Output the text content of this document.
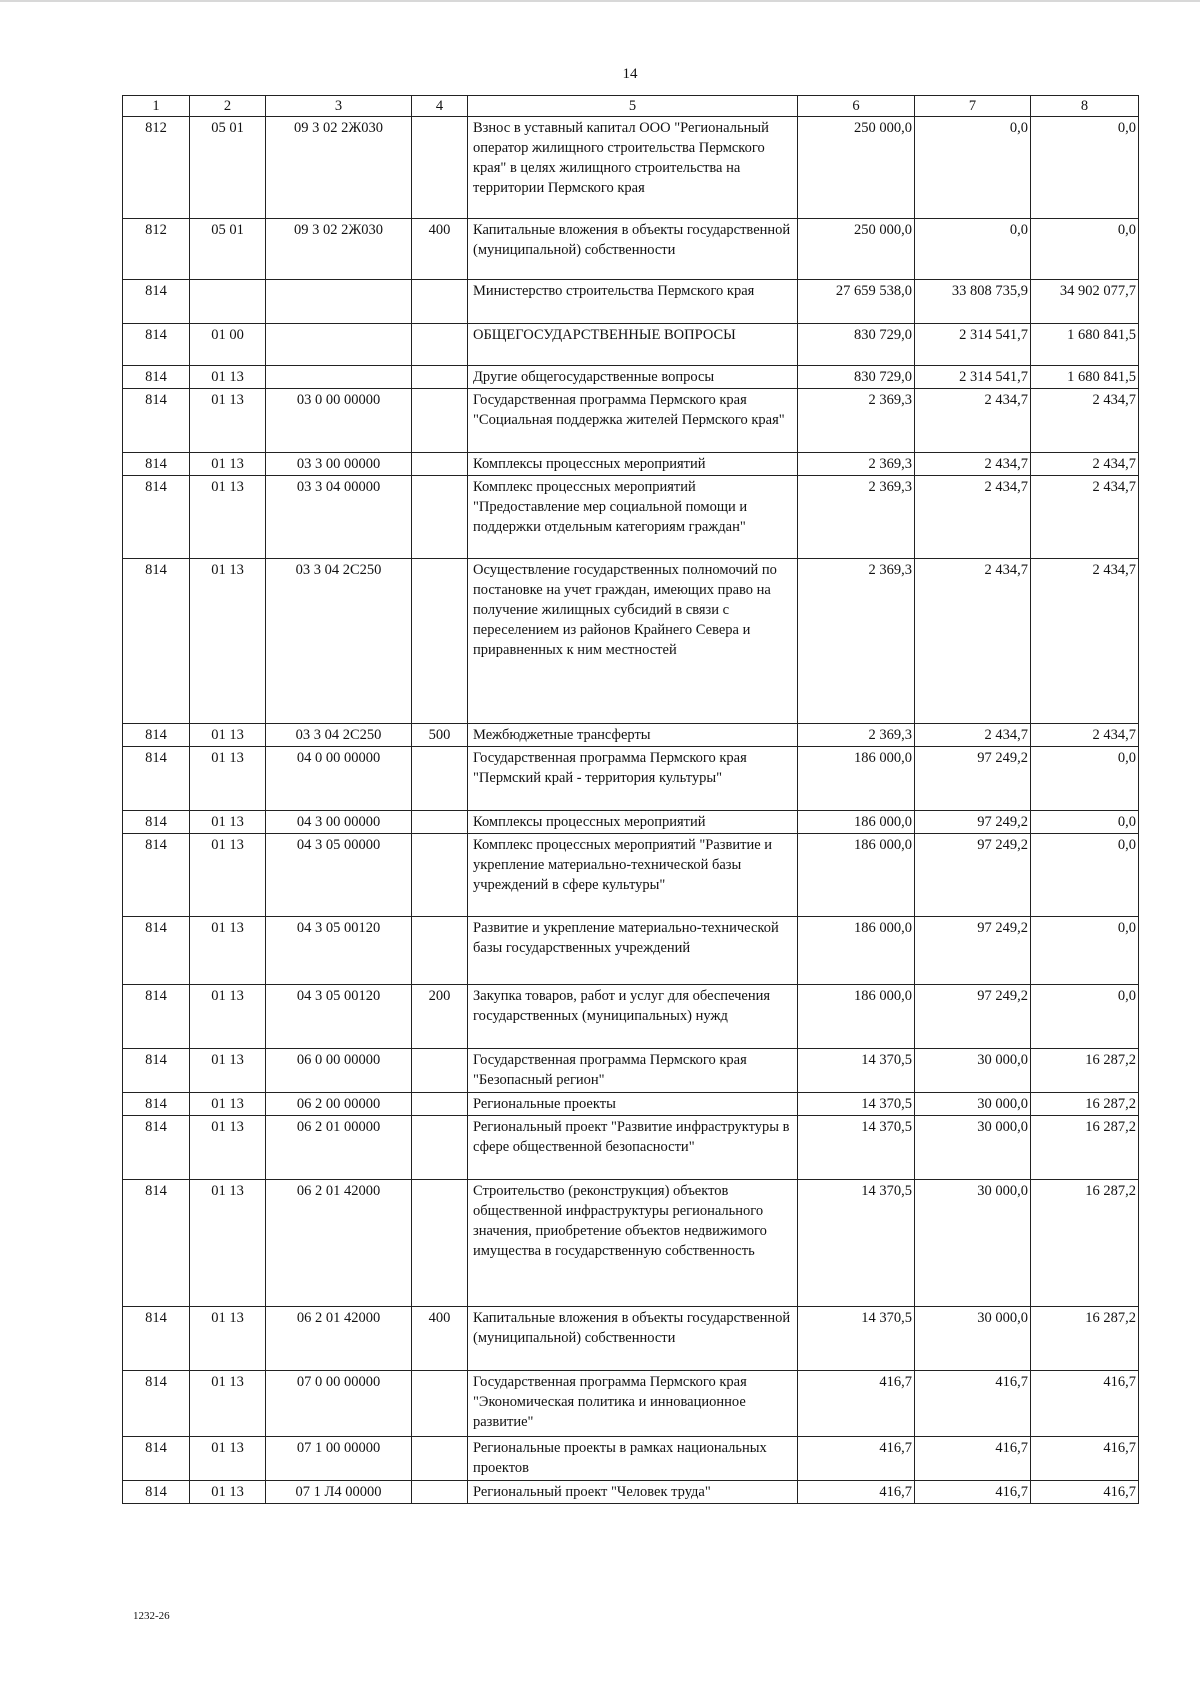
14
1	2	3	4	5	6	7	8
812	05 01	09 3 02 2Ж030		Взнос в уставный капитал ООО "Региональный оператор жилищного строительства Пермского края" в целях жилищного строительства на территории Пермского края	250 000,0	0,0	0,0
812	05 01	09 3 02 2Ж030	400	Капитальные вложения в объекты государственной (муниципальной) собственности	250 000,0	0,0	0,0
814				Министерство строительства Пермского края	27 659 538,0	33 808 735,9	34 902 077,7
814	01 00			ОБЩЕГОСУДАРСТВЕННЫЕ ВОПРОСЫ	830 729,0	2 314 541,7	1 680 841,5
814	01 13			Другие общегосударственные вопросы	830 729,0	2 314 541,7	1 680 841,5
814	01 13	03 0 00 00000		Государственная программа Пермского края "Социальная поддержка жителей Пермского края"	2 369,3	2 434,7	2 434,7
814	01 13	03 3 00 00000		Комплексы процессных мероприятий	2 369,3	2 434,7	2 434,7
814	01 13	03 3 04 00000		Комплекс процессных мероприятий "Предоставление мер социальной помощи и поддержки отдельным категориям граждан"	2 369,3	2 434,7	2 434,7
814	01 13	03 3 04 2С250		Осуществление государственных полномочий по постановке на учет граждан, имеющих право на получение жилищных субсидий в связи с переселением из районов Крайнего Севера и приравненных к ним местностей	2 369,3	2 434,7	2 434,7
814	01 13	03 3 04 2С250	500	Межбюджетные трансферты	2 369,3	2 434,7	2 434,7
814	01 13	04 0 00 00000		Государственная программа Пермского края "Пермский край - территория культуры"	186 000,0	97 249,2	0,0
814	01 13	04 3 00 00000		Комплексы процессных мероприятий	186 000,0	97 249,2	0,0
814	01 13	04 3 05 00000		Комплекс процессных мероприятий "Развитие и укрепление материально-технической базы учреждений в сфере культуры"	186 000,0	97 249,2	0,0
814	01 13	04 3 05 00120		Развитие и укрепление материально-технической базы государственных учреждений	186 000,0	97 249,2	0,0
814	01 13	04 3 05 00120	200	Закупка товаров, работ и услуг для обеспечения государственных (муниципальных) нужд	186 000,0	97 249,2	0,0
814	01 13	06 0 00 00000		Государственная программа Пермского края "Безопасный регион"	14 370,5	30 000,0	16 287,2
814	01 13	06 2 00 00000		Региональные проекты	14 370,5	30 000,0	16 287,2
814	01 13	06 2 01 00000		Региональный проект "Развитие инфраструктуры в сфере общественной безопасности"	14 370,5	30 000,0	16 287,2
814	01 13	06 2 01 42000		Строительство (реконструкция) объектов общественной инфраструктуры регионального значения, приобретение объектов недвижимого имущества в государственную собственность	14 370,5	30 000,0	16 287,2
814	01 13	06 2 01 42000	400	Капитальные вложения в объекты государственной (муниципальной) собственности	14 370,5	30 000,0	16 287,2
814	01 13	07 0 00 00000		Государственная программа Пермского края "Экономическая политика и инновационное развитие"	416,7	416,7	416,7
814	01 13	07 1 00 00000		Региональные проекты в рамках национальных проектов	416,7	416,7	416,7
814	01 13	07 1 Л4 00000		Региональный проект "Человек труда"	416,7	416,7	416,7
1232-26
